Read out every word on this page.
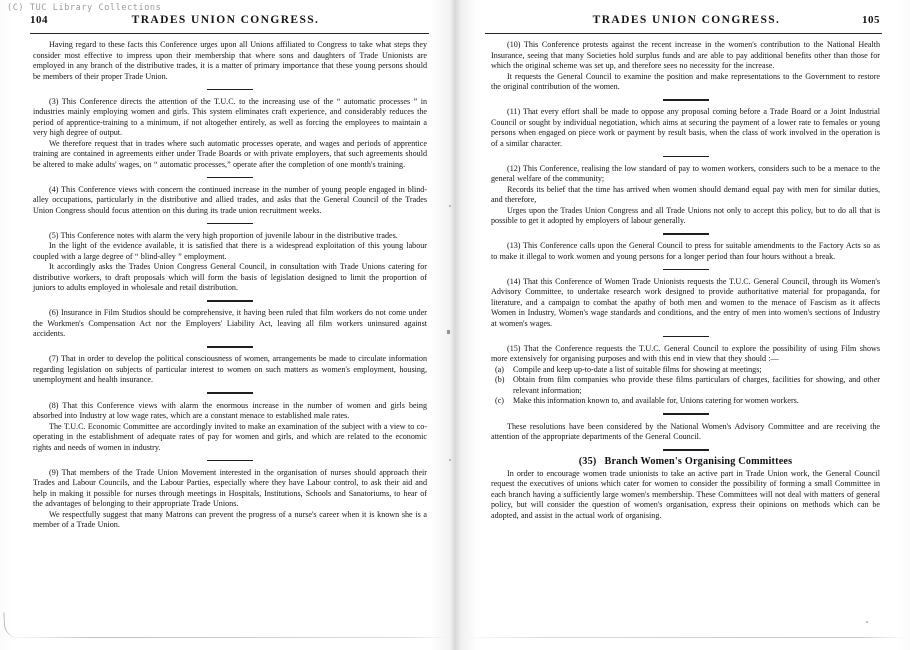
(C) TUC Library Collections
104	TRADES UNION CONGRESS.

Having regard to these facts this Conference urges upon all Unions affiliated to Congress to take what steps they consider most effective to impress upon their membership that where sons and daughters of Trade Unionists are employed in any branch of the distributive trades, it is a matter of primary importance that these young persons should be members of their proper Trade Union.

(3) This Conference directs the attention of the T.U.C. to the increasing use of the “ automatic processes ” in industries mainly employing women and girls. This system eliminates craft experience, and considerably reduces the period of apprentice-training to a minimum, if not altogether entirely, as well as forcing the employees to maintain a very high degree of output.

We therefore request that in trades where such automatic processes operate, and wages and periods of apprentice training are contained in agreements either under Trade Boards or with private employers, that such agreements should be altered to make adults' wages, on “ automatic processes,” operate after the completion of one month's training.

(4) This Conference views with concern the continued increase in the number of young people engaged in blind-alley occupations, particularly in the distributive and allied trades, and asks that the General Council of the Trades Union Congress should focus attention on this during its trade union recruitment weeks.

(5) This Conference notes with alarm the very high proportion of juvenile labour in the distributive trades.

In the light of the evidence available, it is satisfied that there is a widespread exploitation of this young labour coupled with a large degree of “ blind-alley ” employment.

It accordingly asks the Trades Union Congress General Council, in consultation with Trade Unions catering for distributive workers, to draft proposals which will form the basis of legislation designed to limit the proportion of juniors to adults employed in wholesale and retail distribution.

(6) Insurance in Film Studios should be comprehensive, it having been ruled that film workers do not come under the Workmen's Compensation Act nor the Employers' Liability Act, leaving all film workers uninsured against accidents.

(7) That in order to develop the political consciousness of women, arrangements be made to circulate information regarding legislation on subjects of particular interest to women on such matters as women's employment, housing, unemployment and health insurance.

(8) That this Conference views with alarm the enormous increase in the number of women and girls being absorbed into Industry at low wage rates, which are a constant menace to established male rates.

The T.U.C. Economic Committee are accordingly invited to make an examination of the subject with a view to co-operating in the establishment of adequate rates of pay for women and girls, and which are related to the economic rights and needs of women in industry.

(9) That members of the Trade Union Movement interested in the organisation of nurses should approach their Trades and Labour Councils, and the Labour Parties, especially where they have Labour control, to ask their aid and help in making it possible for nurses through meetings in Hospitals, Institutions, Schools and Sanatoriums, to hear of the advantages of belonging to their appropriate Trade Unions.

We respectfully suggest that many Matrons can prevent the progress of a nurse's career when it is known she is a member of a Trade Union.

TRADES UNION CONGRESS.	105

(10) This Conference protests against the recent increase in the women's contribution to the National Health Insurance, seeing that many Societies hold surplus funds and are able to pay additional benefits other than those for which the original scheme was set up, and therefore sees no necessity for the increase.

It requests the General Council to examine the position and make representations to the Government to restore the original contribution of the women.

(11) That every effort shall be made to oppose any proposal coming before a Trade Board or a Joint Industrial Council or sought by individual negotiation, which aims at securing the payment of a lower rate to females or young persons when engaged on piece work or payment by result basis, when the class of work involved in the operation is of a similar character.

(12) This Conference, realising the low standard of pay to women workers, considers such to be a menace to the general welfare of the community;

Records its belief that the time has arrived when women should demand equal pay with men for similar duties, and therefore,

Urges upon the Trades Union Congress and all Trade Unions not only to accept this policy, but to do all that is possible to get it adopted by employers of labour generally.

(13) This Conference calls upon the General Council to press for suitable amendments to the Factory Acts so as to make it illegal to work women and young persons for a longer period than four hours without a break.

(14) That this Conference of Women Trade Unionists requests the T.U.C. General Council, through its Women's Advisory Committee, to undertake research work designed to provide authoritative material for propaganda, for literature, and a campaign to combat the apathy of both men and women to the menace of Fascism as it affects Women in Industry, Women's wage standards and conditions, and the entry of men into women's sections of Industry at women's wages.

(15) That the Conference requests the T.U.C. General Council to explore the possibility of using Film shows more extensively for organising purposes and with this end in view that they should :—

(a) Compile and keep up-to-date a list of suitable films for showing at meetings;
(b) Obtain from film companies who provide these films particulars of charges, facilities for showing, and other relevant information;
(c) Make this information known to, and available for, Unions catering for women workers.

These resolutions have been considered by the National Women's Advisory Committee and are receiving the attention of the appropriate departments of the General Council.

(35) Branch Women's Organising Committees

In order to encourage women trade unionists to take an active part in Trade Union work, the General Council request the executives of unions which cater for women to consider the possibility of forming a small Committee in each branch having a sufficiently large women's membership. These Committees will not deal with matters of general policy, but will consider the question of women's organisation, express their opinions on methods which can be adopted, and assist in the actual work of organising.
